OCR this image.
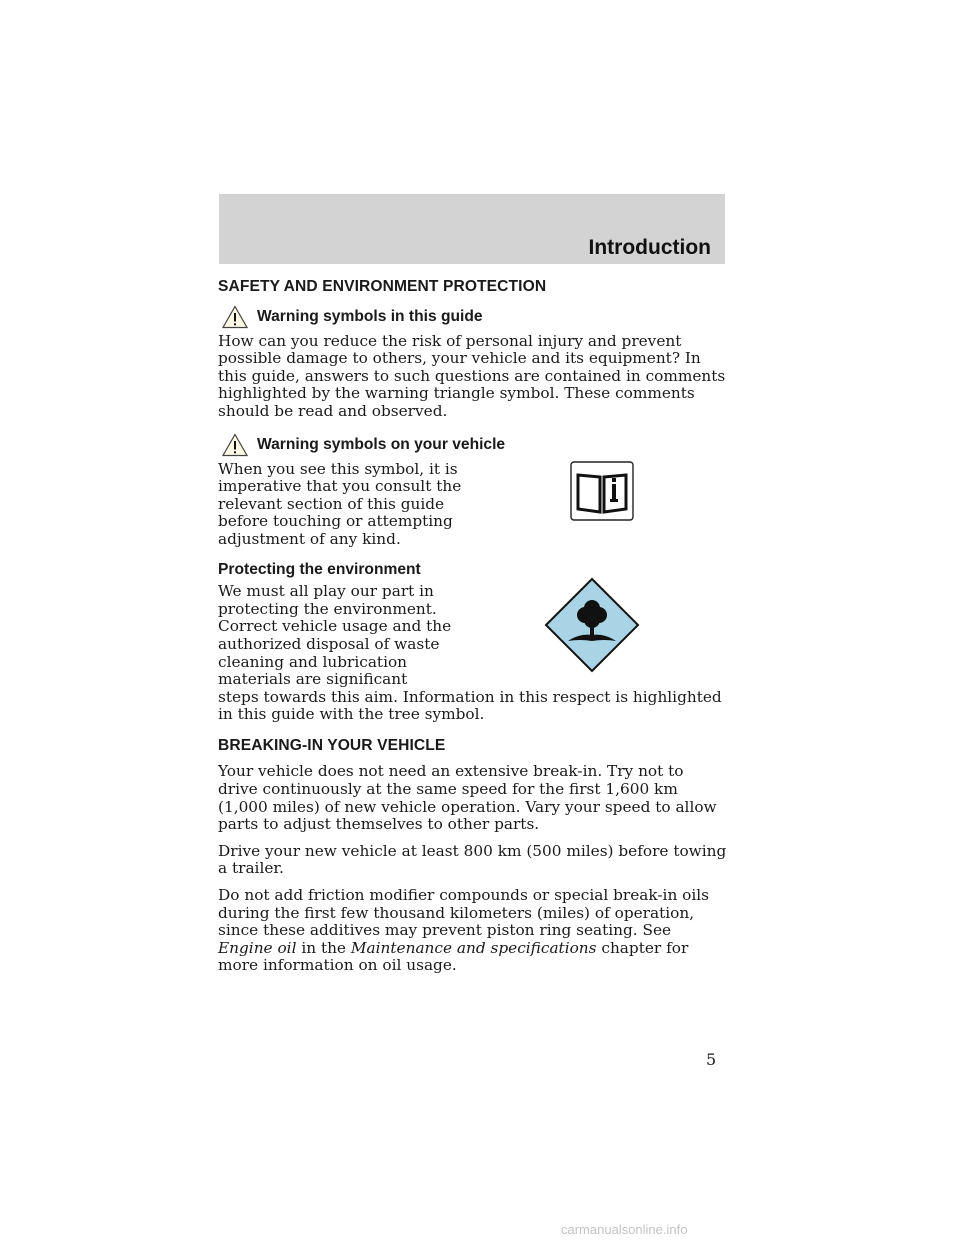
Introduction
SAFETY AND ENVIRONMENT PROTECTION
Warning symbols in this guide

How can you reduce the risk of personal injury and prevent possible damage to others, your vehicle and its equipment? In this guide, answers to such questions are contained in comments highlighted by the warning triangle symbol. These comments should be read and observed.

Warning symbols on your vehicle

When you see this symbol, it is imperative that you consult the relevant section of this guide before touching or attempting adjustment of any kind.

Protecting the environment

We must all play our part in protecting the environment. Correct vehicle usage and the authorized disposal of waste cleaning and lubrication materials are significant

steps towards this aim. Information in this respect is highlighted in this guide with the tree symbol.

BREAKING-IN YOUR VEHICLE

Your vehicle does not need an extensive break-in. Try not to drive continuously at the same speed for the first 1,600 km (1,000 miles) of new vehicle operation. Vary your speed to allow parts to adjust themselves to other parts.

Drive your new vehicle at least 800 km (500 miles) before towing a trailer.

Do not add friction modifier compounds or special break-in oils during the first few thousand kilometers (miles) of operation, since these additives may prevent piston ring seating. See Engine oil in the Maintenance and specifications chapter for more information on oil usage.

5
carmanualsonline.info
